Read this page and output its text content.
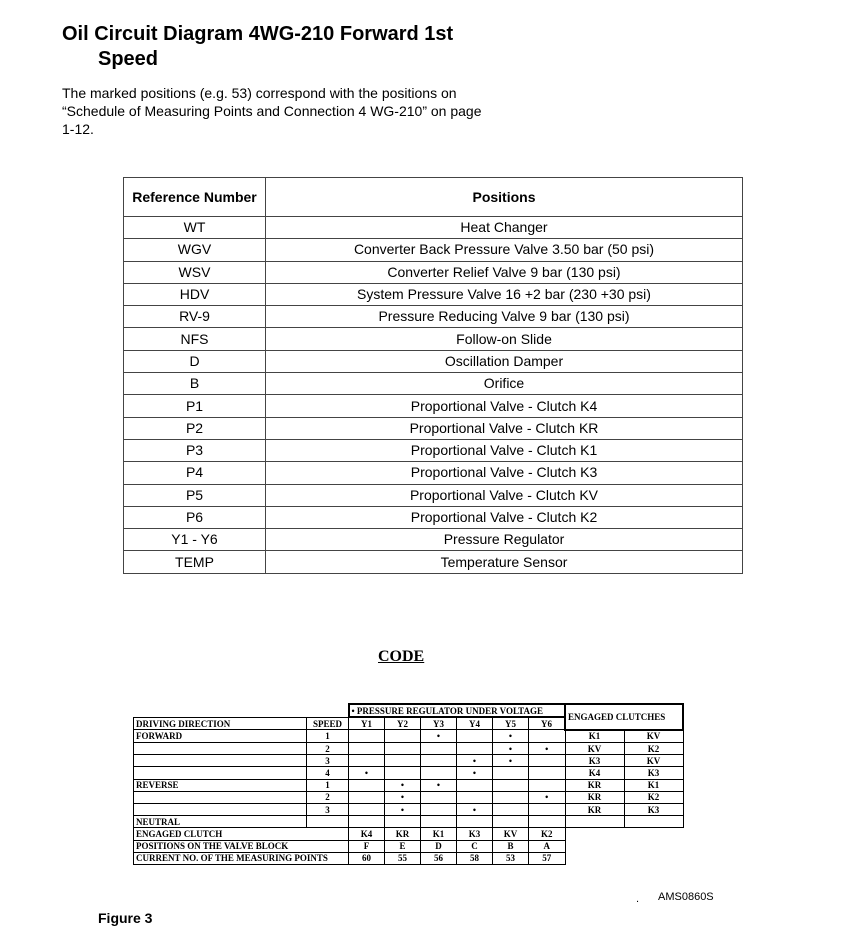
Oil Circuit Diagram 4WG-210 Forward 1st
Speed
The marked positions (e.g. 53) correspond with the positions on “Schedule of Measuring Points and Connection 4 WG-210” on page 1-12.
Reference Number	Positions
WT	Heat Changer
WGV	Converter Back Pressure Valve 3.50 bar (50 psi)
WSV	Converter Relief Valve 9 bar (130 psi)
HDV	System Pressure Valve 16 +2 bar (230 +30 psi)
RV-9	Pressure Reducing Valve 9 bar (130 psi)
NFS	Follow-on Slide
D	Oscillation Damper
B	Orifice
P1	Proportional Valve - Clutch K4
P2	Proportional Valve - Clutch KR
P3	Proportional Valve - Clutch K1
P4	Proportional Valve - Clutch K3
P5	Proportional Valve - Clutch KV
P6	Proportional Valve - Clutch K2
Y1 - Y6	Pressure Regulator
TEMP	Temperature Sensor
CODE
		• PRESSURE REGULATOR UNDER VOLTAGE						ENGAGED CLUTCHES	
DRIVING DIRECTION	SPEED	Y1	Y2	Y3	Y4	Y5	Y6		
FORWARD	1			•		•		K1	KV
	2					•	•	KV	K2
	3				•	•		K3	KV
	4	•			•			K4	K3
REVERSE	1		•	•				KR	K1
	2		•				•	KR	K2
	3		•		•			KR	K3
NEUTRAL									
ENGAGED CLUTCH		K4	KR	K1	K3	KV	K2		
POSITIONS ON THE VALVE BLOCK		F	E	D	C	B	A		
CURRENT NO. OF THE MEASURING POINTS		60	55	56	58	53	57		
. AMS0860S
Figure 3
